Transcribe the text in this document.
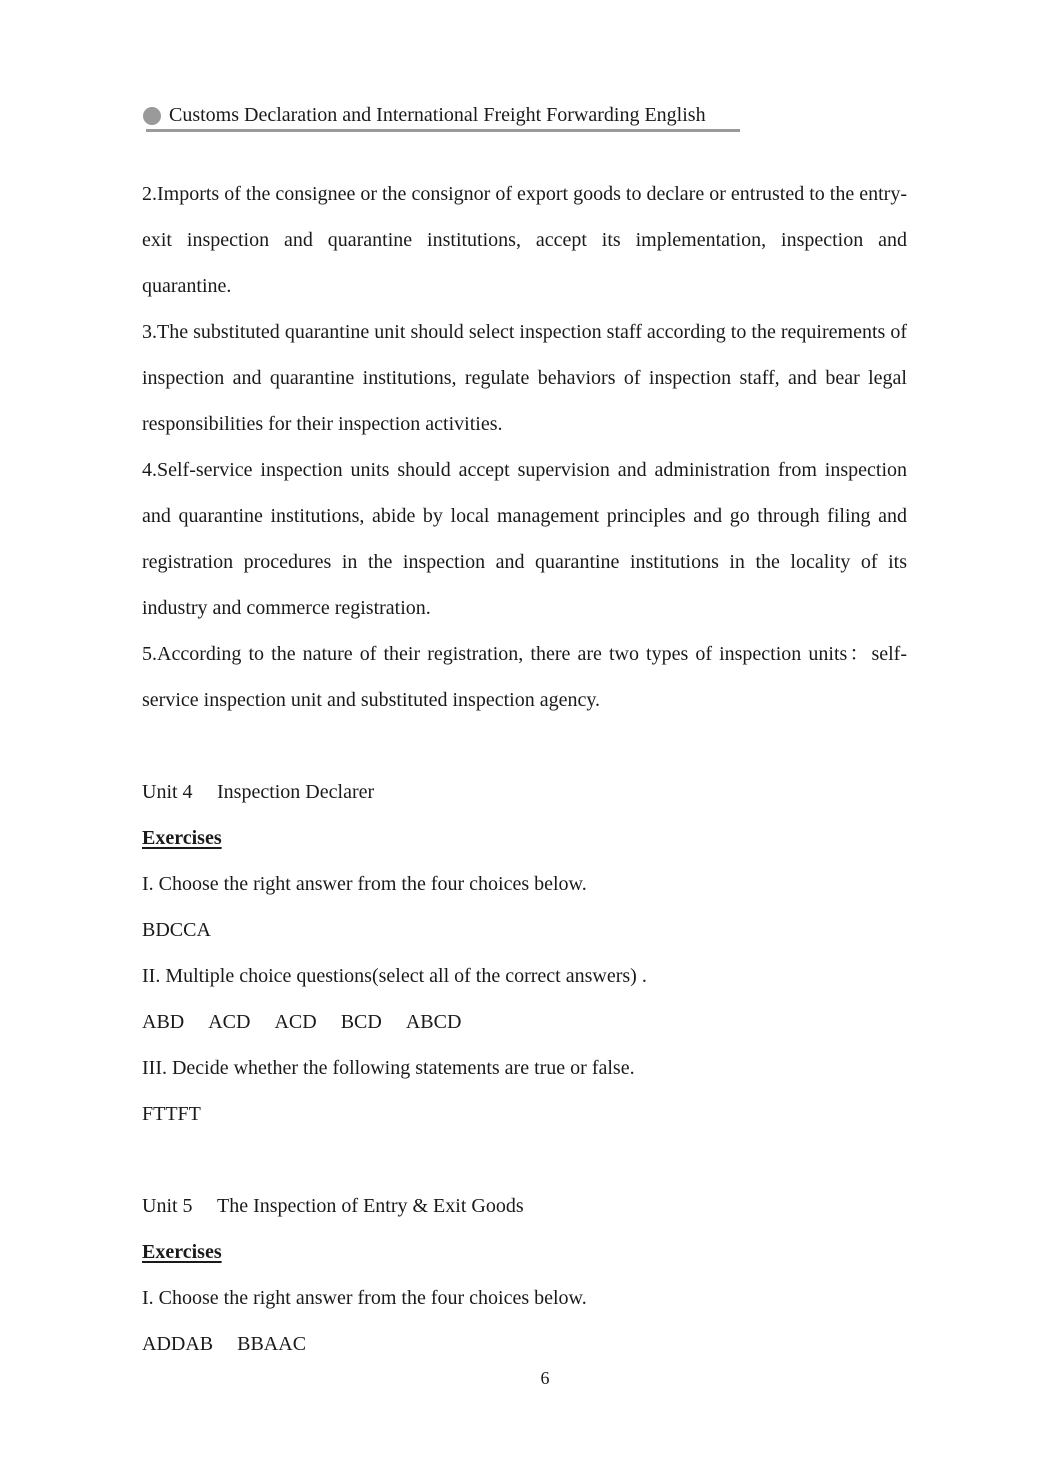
Customs Declaration and International Freight Forwarding English

2.Imports of the consignee or the consignor of export goods to declare or entrusted to the entry-exit inspection and quarantine institutions, accept its implementation, inspection and quarantine.

3.The substituted quarantine unit should select inspection staff according to the requirements of inspection and quarantine institutions, regulate behaviors of inspection staff, and bear legal responsibilities for their inspection activities.

4.Self-service inspection units should accept supervision and administration from inspection and quarantine institutions, abide by local management principles and go through filing and registration procedures in the inspection and quarantine institutions in the locality of its industry and commerce registration.

5.According to the nature of their registration, there are two types of inspection units：self-service inspection unit and substituted inspection agency.

Unit 4 Inspection Declarer

Exercises

I. Choose the right answer from the four choices below.

BDCCA

II. Multiple choice questions(select all of the correct answers) .

ABD ACD ACD BCD ABCD

III. Decide whether the following statements are true or false.

FTTFT

Unit 5 The Inspection of Entry & Exit Goods

Exercises

I. Choose the right answer from the four choices below.

ADDAB BBAAC

6
